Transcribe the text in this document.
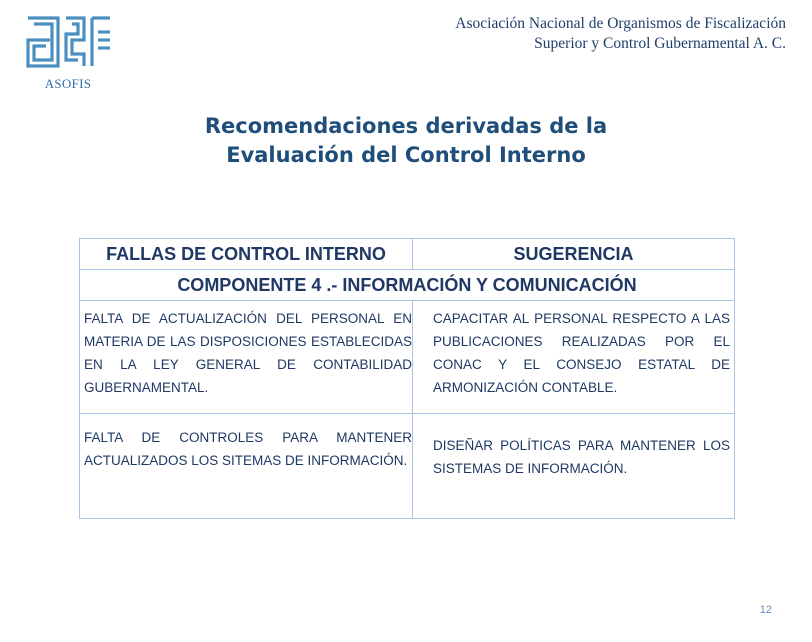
ASOFIS
Asociación Nacional de Organismos de Fiscalización
Superior y Control Gubernamental A. C.
Recomendaciones derivadas de la
Evaluación del Control Interno
FALLAS DE CONTROL INTERNO	SUGERENCIA
COMPONENTE 4 .- INFORMACIÓN Y COMUNICACIÓN	

FALTA DE ACTUALIZACIÓN DEL PERSONAL EN MATERIA DE LAS DISPOSICIONES ESTABLECIDAS EN LA LEY GENERAL DE CONTABILIDAD GUBERNAMENTAL.	CAPACITAR AL PERSONAL RESPECTO A LAS PUBLICACIONES REALIZADAS POR EL CONAC Y EL CONSEJO ESTATAL DE ARMONIZACIÓN CONTABLE.

FALTA DE CONTROLES PARA MANTENER ACTUALIZADOS LOS SITEMAS DE INFORMACIÓN.	DISEÑAR POLÍTICAS PARA MANTENER LOS SISTEMAS DE INFORMACIÓN.
12
